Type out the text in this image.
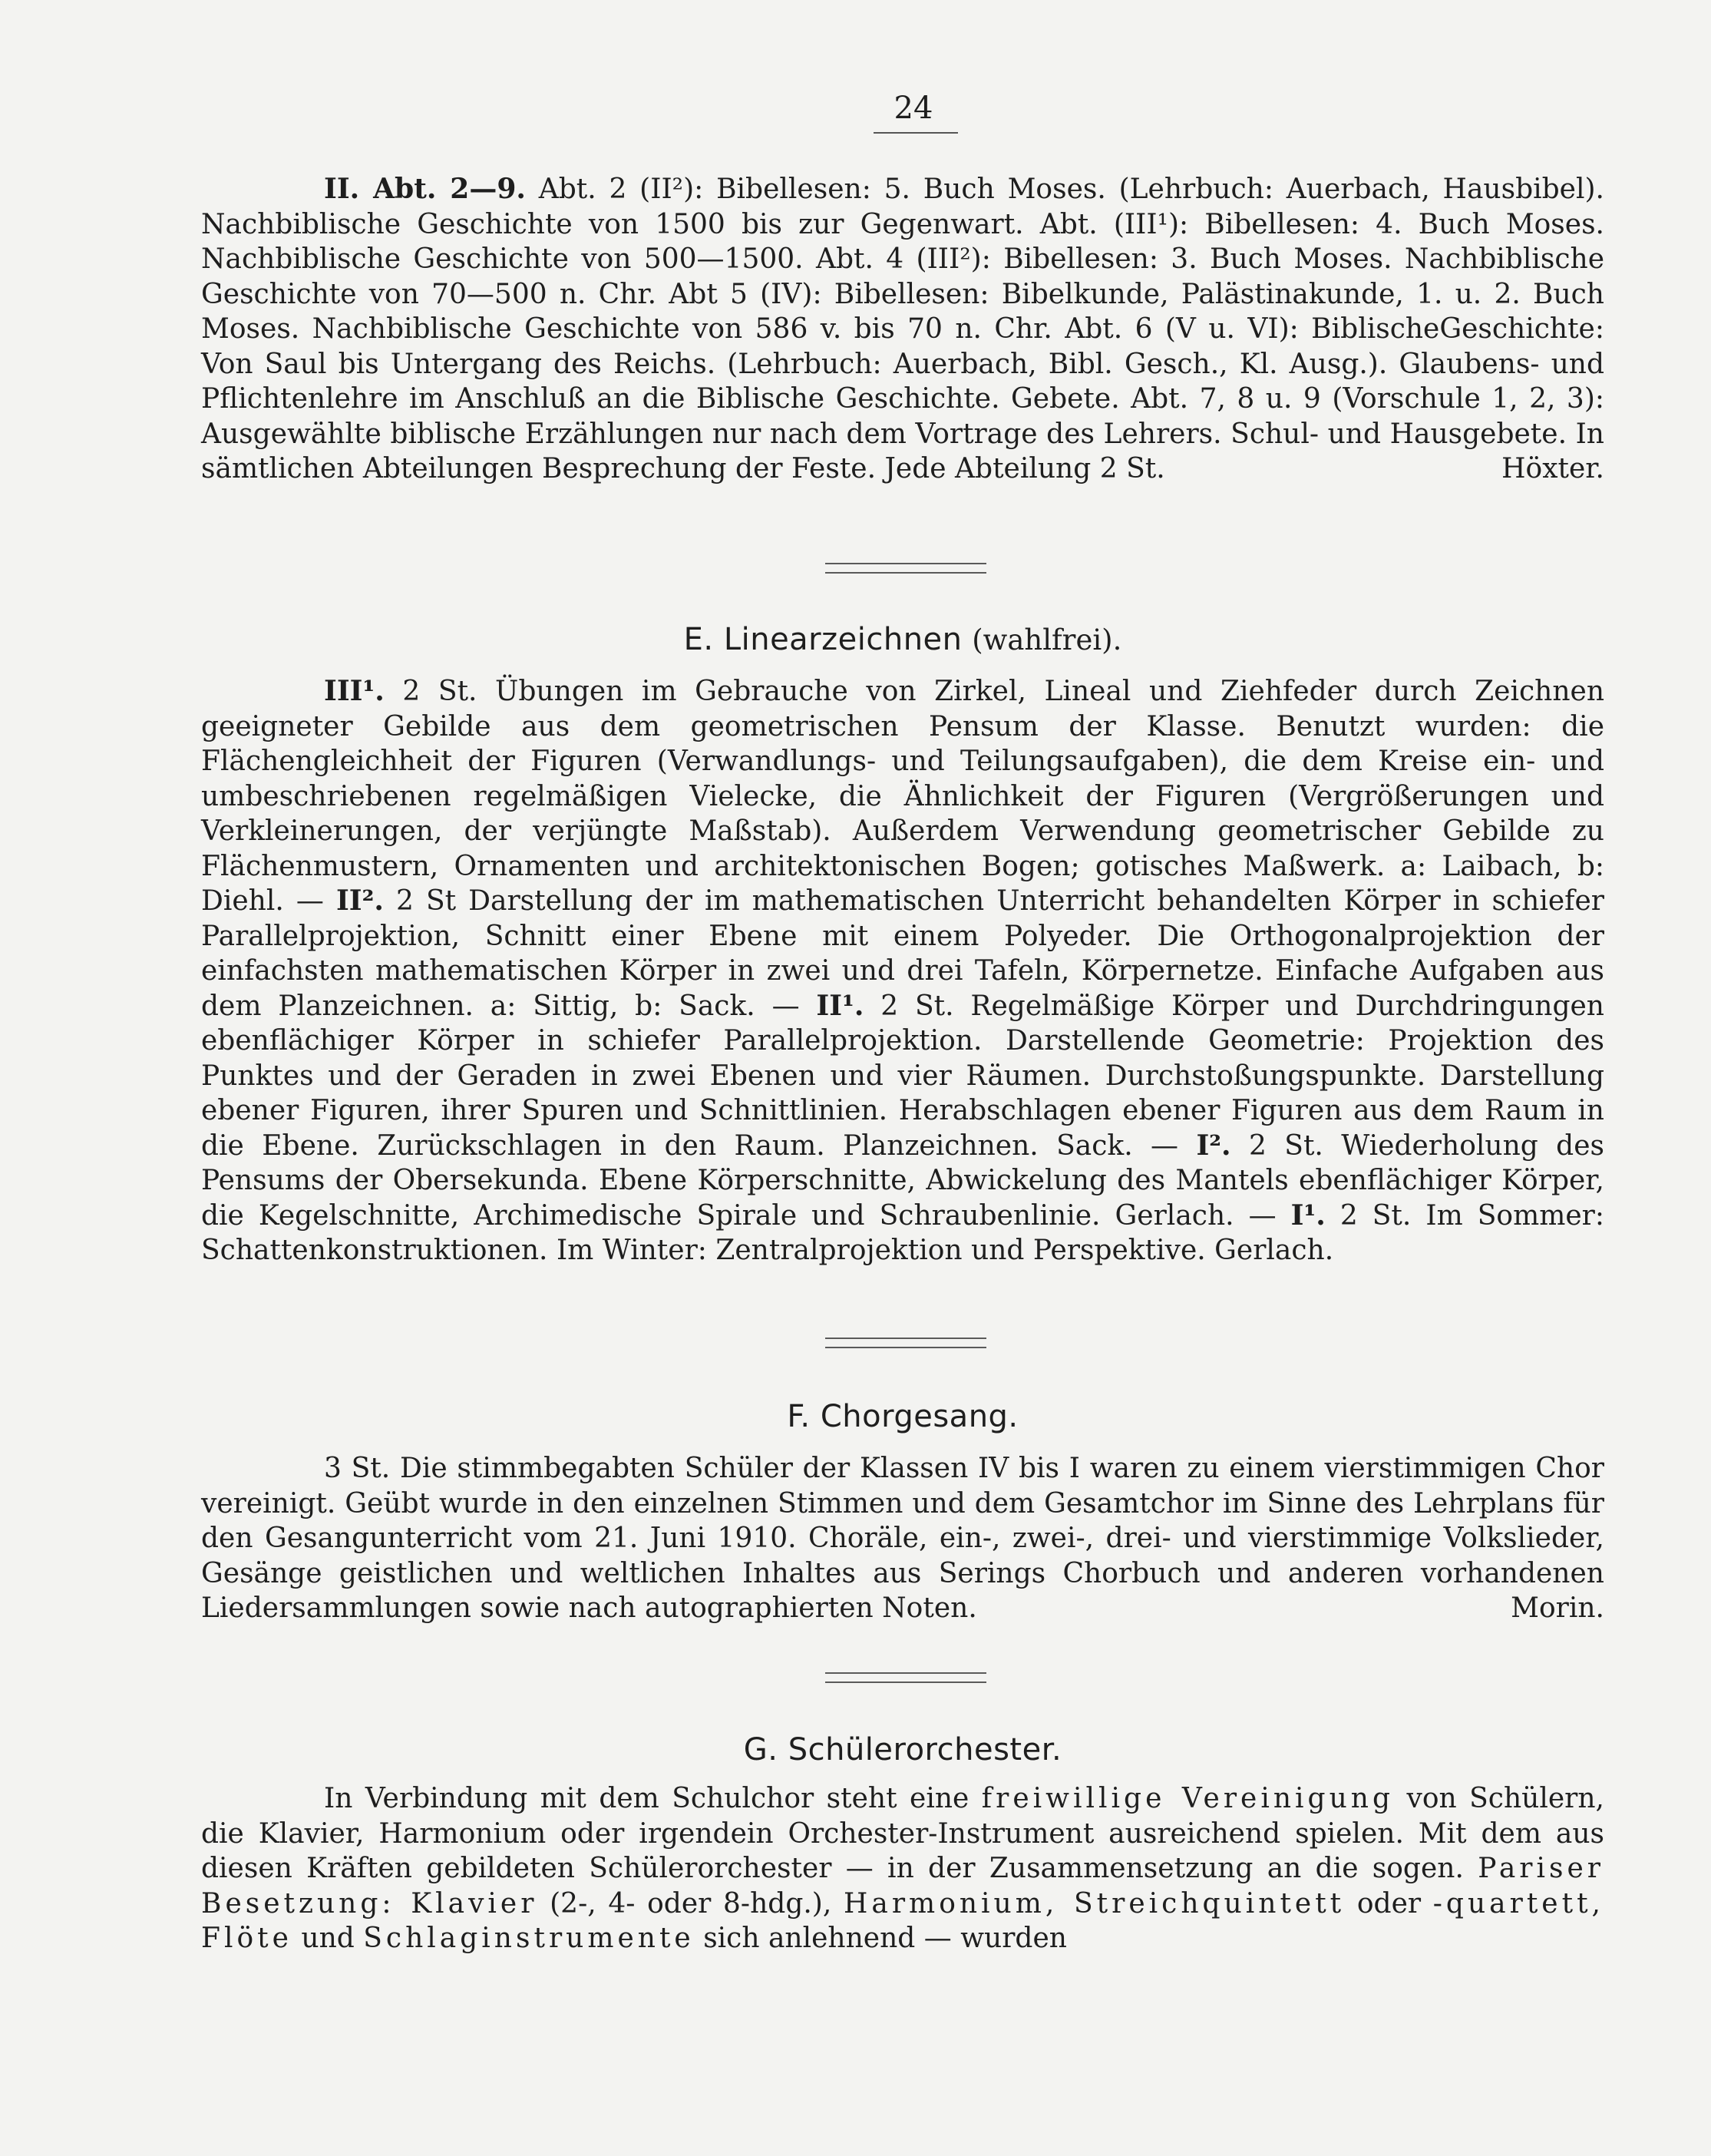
24

II. Abt. 2—9. Abt. 2 (II²): Bibellesen: 5. Buch Moses. (Lehrbuch: Auerbach, Hausbibel). Nachbiblische Geschichte von 1500 bis zur Gegenwart. Abt. (III¹): Bibellesen: 4. Buch Moses. Nachbiblische Geschichte von 500—1500. Abt. 4 (III²): Bibellesen: 3. Buch Moses. Nachbiblische Geschichte von 70—500 n. Chr. Abt 5 (IV): Bibellesen: Bibelkunde, Palästinakunde, 1. u. 2. Buch Moses. Nachbiblische Geschichte von 586 v. bis 70 n. Chr. Abt. 6 (V u. VI): BiblischeGeschichte: Von Saul bis Untergang des Reichs. (Lehrbuch: Auerbach, Bibl. Gesch., Kl. Ausg.). Glaubens- und Pflichtenlehre im Anschluß an die Biblische Geschichte. Gebete. Abt. 7, 8 u. 9 (Vorschule 1, 2, 3): Ausgewählte biblische Erzählungen nur nach dem Vortrage des Lehrers. Schul- und Hausgebete. In sämtlichen Abteilungen Besprechung der Feste. Jede Abteilung 2 St.	Höxter.

E. Linearzeichnen (wahlfrei).

III¹. 2 St. Übungen im Gebrauche von Zirkel, Lineal und Ziehfeder durch Zeichnen geeigneter Gebilde aus dem geometrischen Pensum der Klasse. Benutzt wurden: die Flächengleichheit der Figuren (Verwandlungs- und Teilungsaufgaben), die dem Kreise ein- und umbeschriebenen regelmäßigen Vielecke, die Ähnlichkeit der Figuren (Vergrößerungen und Verkleinerungen, der verjüngte Maßstab). Außerdem Verwendung geometrischer Gebilde zu Flächenmustern, Ornamenten und architektonischen Bogen; gotisches Maßwerk. a: Laibach, b: Diehl. — II². 2 St Darstellung der im mathematischen Unterricht behandelten Körper in schiefer Parallelprojektion, Schnitt einer Ebene mit einem Polyeder. Die Orthogonalprojektion der einfachsten mathematischen Körper in zwei und drei Tafeln, Körpernetze. Einfache Aufgaben aus dem Planzeichnen. a: Sittig, b: Sack. — II¹. 2 St. Regelmäßige Körper und Durchdringungen ebenflächiger Körper in schiefer Parallelprojektion. Darstellende Geometrie: Projektion des Punktes und der Geraden in zwei Ebenen und vier Räumen. Durchstoßungspunkte. Darstellung ebener Figuren, ihrer Spuren und Schnittlinien. Herabschlagen ebener Figuren aus dem Raum in die Ebene. Zurückschlagen in den Raum. Planzeichnen. Sack. — I². 2 St. Wiederholung des Pensums der Obersekunda. Ebene Körperschnitte, Abwickelung des Mantels ebenflächiger Körper, die Kegelschnitte, Archimedische Spirale und Schraubenlinie. Gerlach. — I¹. 2 St. Im Sommer: Schattenkonstruktionen. Im Winter: Zentralprojektion und Perspektive. Gerlach.

F. Chorgesang.

3 St. Die stimmbegabten Schüler der Klassen IV bis I waren zu einem vierstimmigen Chor vereinigt. Geübt wurde in den einzelnen Stimmen und dem Gesamtchor im Sinne des Lehrplans für den Gesangunterricht vom 21. Juni 1910. Choräle, ein-, zwei-, drei- und vierstimmige Volkslieder, Gesänge geistlichen und weltlichen Inhaltes aus Serings Chorbuch und anderen vorhandenen Liedersammlungen sowie nach autographierten Noten.	Morin.

G. Schülerorchester.

In Verbindung mit dem Schulchor steht eine freiwillige Vereinigung von Schülern, die Klavier, Harmonium oder irgendein Orchester-Instrument ausreichend spielen. Mit dem aus diesen Kräften gebildeten Schülerorchester — in der Zusammensetzung an die sogen. Pariser Besetzung: Klavier (2-, 4- oder 8-hdg.), Harmonium, Streichquintett oder -quartett, Flöte und Schlaginstrumente sich anlehnend — wurden
